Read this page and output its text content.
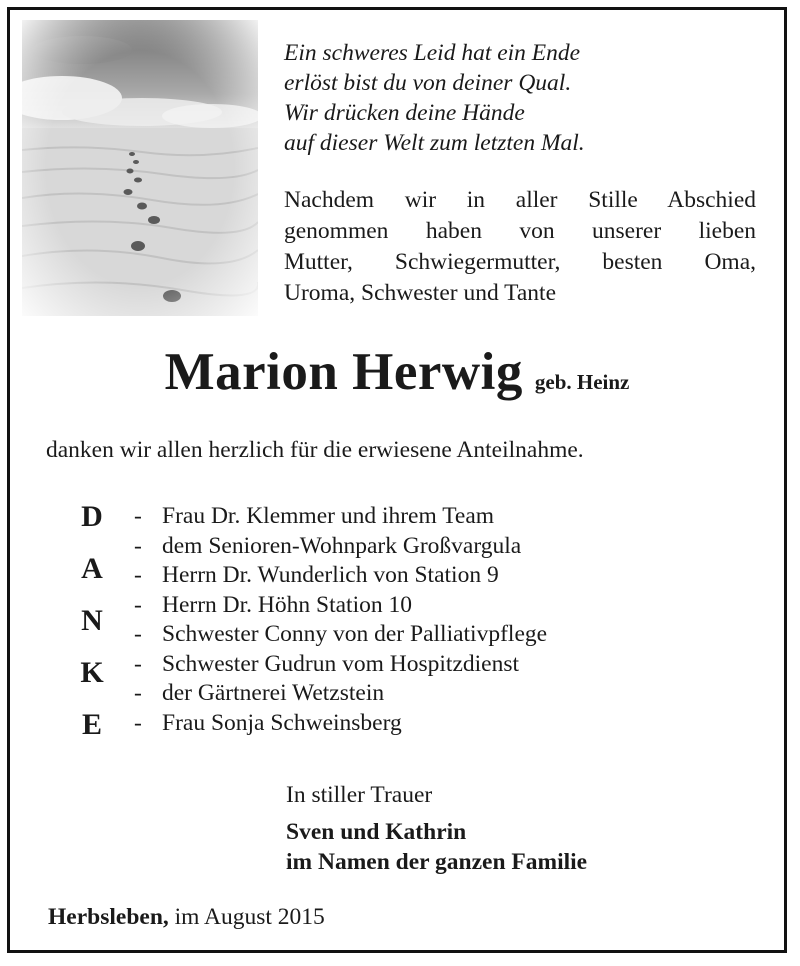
Ein schweres Leid hat ein Ende
erlöst bist du von deiner Qual.
Wir drücken deine Hände
auf dieser Welt zum letzten Mal.
Nachdem wir in aller Stille Abschied
genommen haben von unserer lieben
Mutter, Schwiegermutter, besten Oma,
Uroma, Schwester und Tante
Marion Herwig geb. Heinz
danken wir allen herzlich für die erwiesene Anteilnahme.
D
A
N
K
E
- Frau Dr. Klemmer und ihrem Team
- dem Senioren-Wohnpark Großvargula
- Herrn Dr. Wunderlich von Station 9
- Herrn Dr. Höhn Station 10
- Schwester Conny von der Palliativpflege
- Schwester Gudrun vom Hospitzdienst
- der Gärtnerei Wetzstein
- Frau Sonja Schweinsberg
In stiller Trauer
Sven und Kathrin
im Namen der ganzen Familie
Herbsleben, im August 2015
